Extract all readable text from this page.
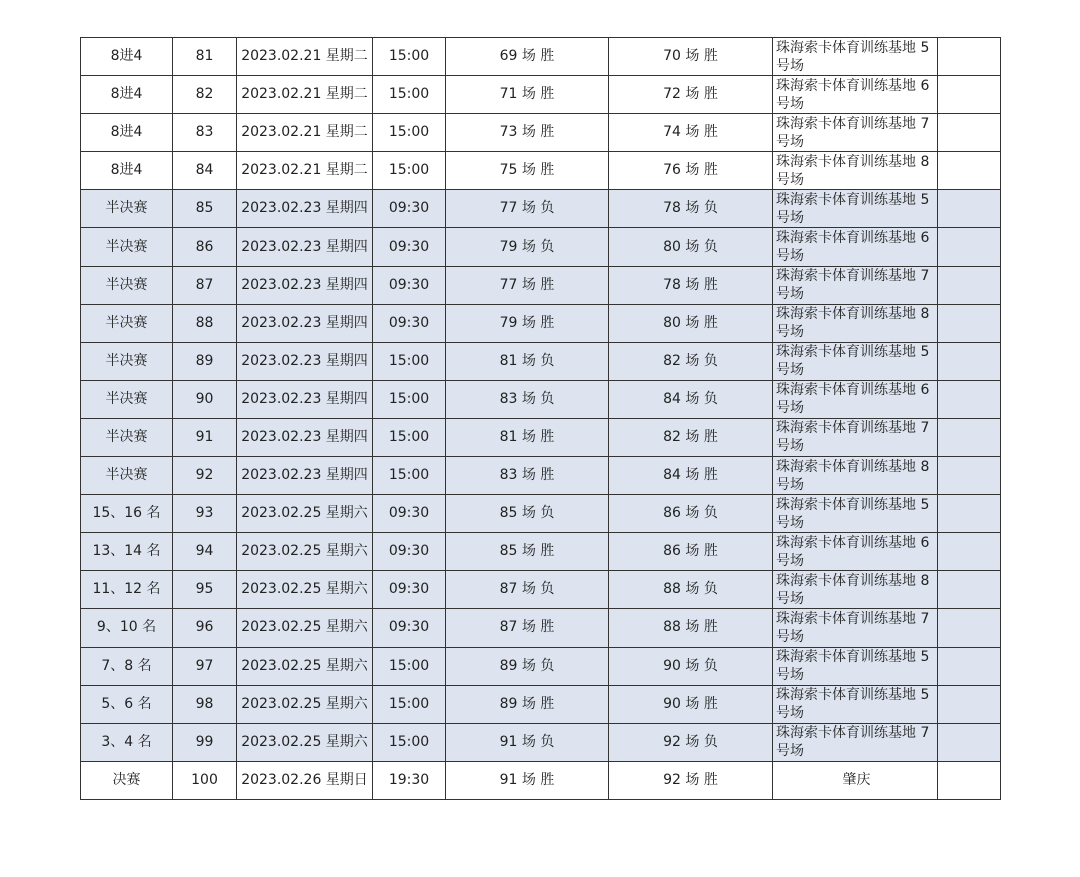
8进4	81	2023.02.21 星期二	15:00	69 场 胜	70 场 胜	珠海索卡体育训练基地 5 号场	
8进4	82	2023.02.21 星期二	15:00	71 场 胜	72 场 胜	珠海索卡体育训练基地 6 号场	
8进4	83	2023.02.21 星期二	15:00	73 场 胜	74 场 胜	珠海索卡体育训练基地 7 号场	
8进4	84	2023.02.21 星期二	15:00	75 场 胜	76 场 胜	珠海索卡体育训练基地 8 号场	
半决赛	85	2023.02.23 星期四	09:30	77 场 负	78 场 负	珠海索卡体育训练基地 5 号场	
半决赛	86	2023.02.23 星期四	09:30	79 场 负	80 场 负	珠海索卡体育训练基地 6 号场	
半决赛	87	2023.02.23 星期四	09:30	77 场 胜	78 场 胜	珠海索卡体育训练基地 7 号场	
半决赛	88	2023.02.23 星期四	09:30	79 场 胜	80 场 胜	珠海索卡体育训练基地 8 号场	
半决赛	89	2023.02.23 星期四	15:00	81 场 负	82 场 负	珠海索卡体育训练基地 5 号场	
半决赛	90	2023.02.23 星期四	15:00	83 场 负	84 场 负	珠海索卡体育训练基地 6 号场	
半决赛	91	2023.02.23 星期四	15:00	81 场 胜	82 场 胜	珠海索卡体育训练基地 7 号场	
半决赛	92	2023.02.23 星期四	15:00	83 场 胜	84 场 胜	珠海索卡体育训练基地 8 号场	
15、16 名	93	2023.02.25 星期六	09:30	85 场 负	86 场 负	珠海索卡体育训练基地 5 号场	
13、14 名	94	2023.02.25 星期六	09:30	85 场 胜	86 场 胜	珠海索卡体育训练基地 6 号场	
11、12 名	95	2023.02.25 星期六	09:30	87 场 负	88 场 负	珠海索卡体育训练基地 8 号场	
9、10 名	96	2023.02.25 星期六	09:30	87 场 胜	88 场 胜	珠海索卡体育训练基地 7 号场	
7、8 名	97	2023.02.25 星期六	15:00	89 场 负	90 场 负	珠海索卡体育训练基地 5 号场	
5、6 名	98	2023.02.25 星期六	15:00	89 场 胜	90 场 胜	珠海索卡体育训练基地 5 号场	
3、4 名	99	2023.02.25 星期六	15:00	91 场 负	92 场 负	珠海索卡体育训练基地 7 号场	
决赛	100	2023.02.26 星期日	19:30	91 场 胜	92 场 胜	肇庆	
